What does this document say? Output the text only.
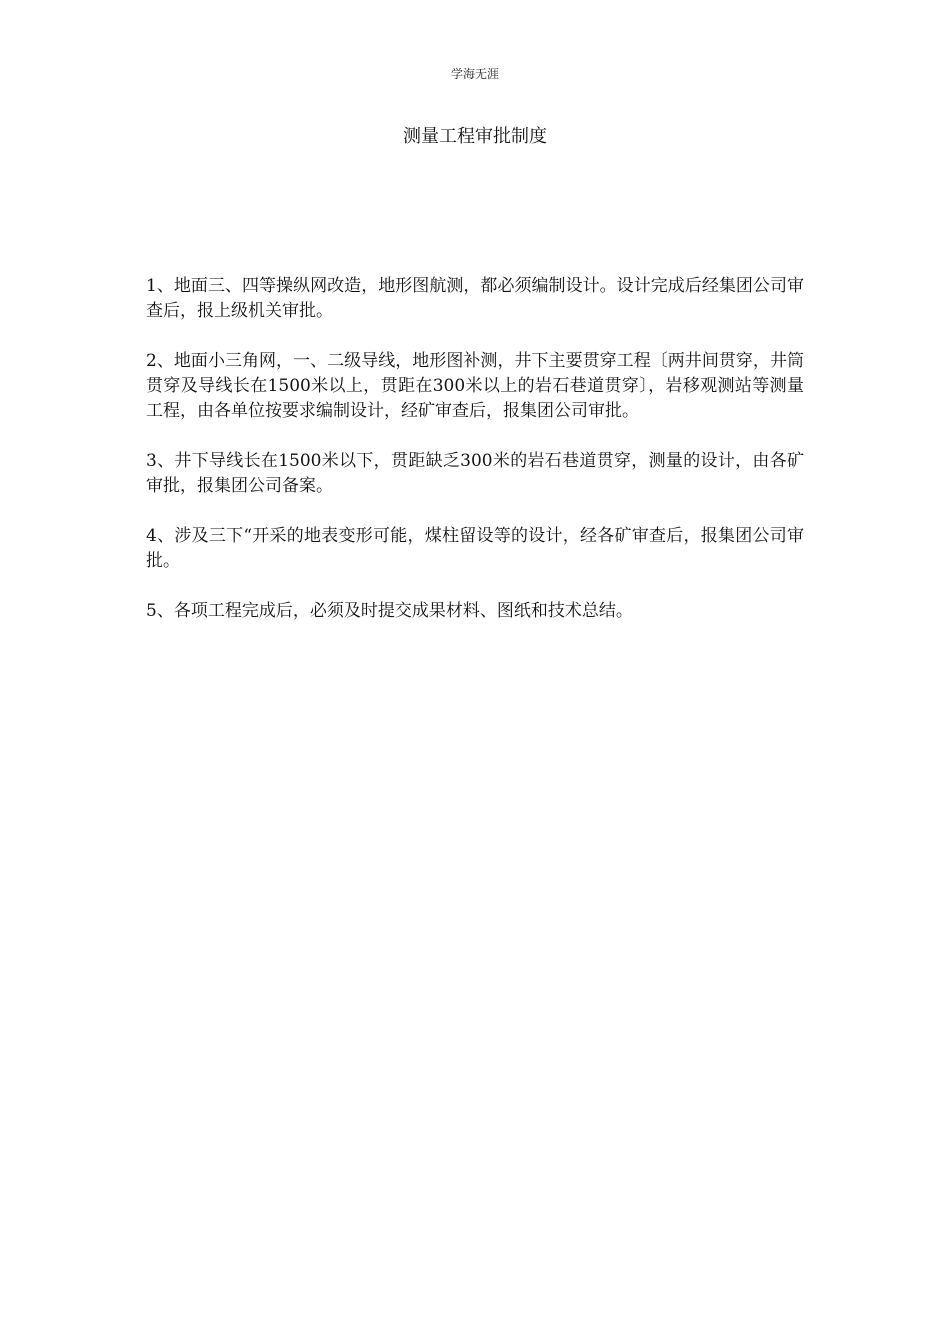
学海无涯
测量工程审批制度

1、地面三、四等操纵网改造，地形图航测，都必须编制设计。设计完成后经集团公司审查后，报上级机关审批。

2、地面小三角网，一、二级导线，地形图补测，井下主要贯穿工程〔两井间贯穿，井筒贯穿及导线长在1500米以上，贯距在300米以上的岩石巷道贯穿〕，岩移观测站等测量工程，由各单位按要求编制设计，经矿审查后，报集团公司审批。

3、井下导线长在1500米以下，贯距缺乏300米的岩石巷道贯穿，测量的设计，由各矿审批，报集团公司备案。

4、涉及三下“开采的地表变形可能，煤柱留设等的设计，经各矿审查后，报集团公司审批。

5、各项工程完成后，必须及时提交成果材料、图纸和技术总结。
